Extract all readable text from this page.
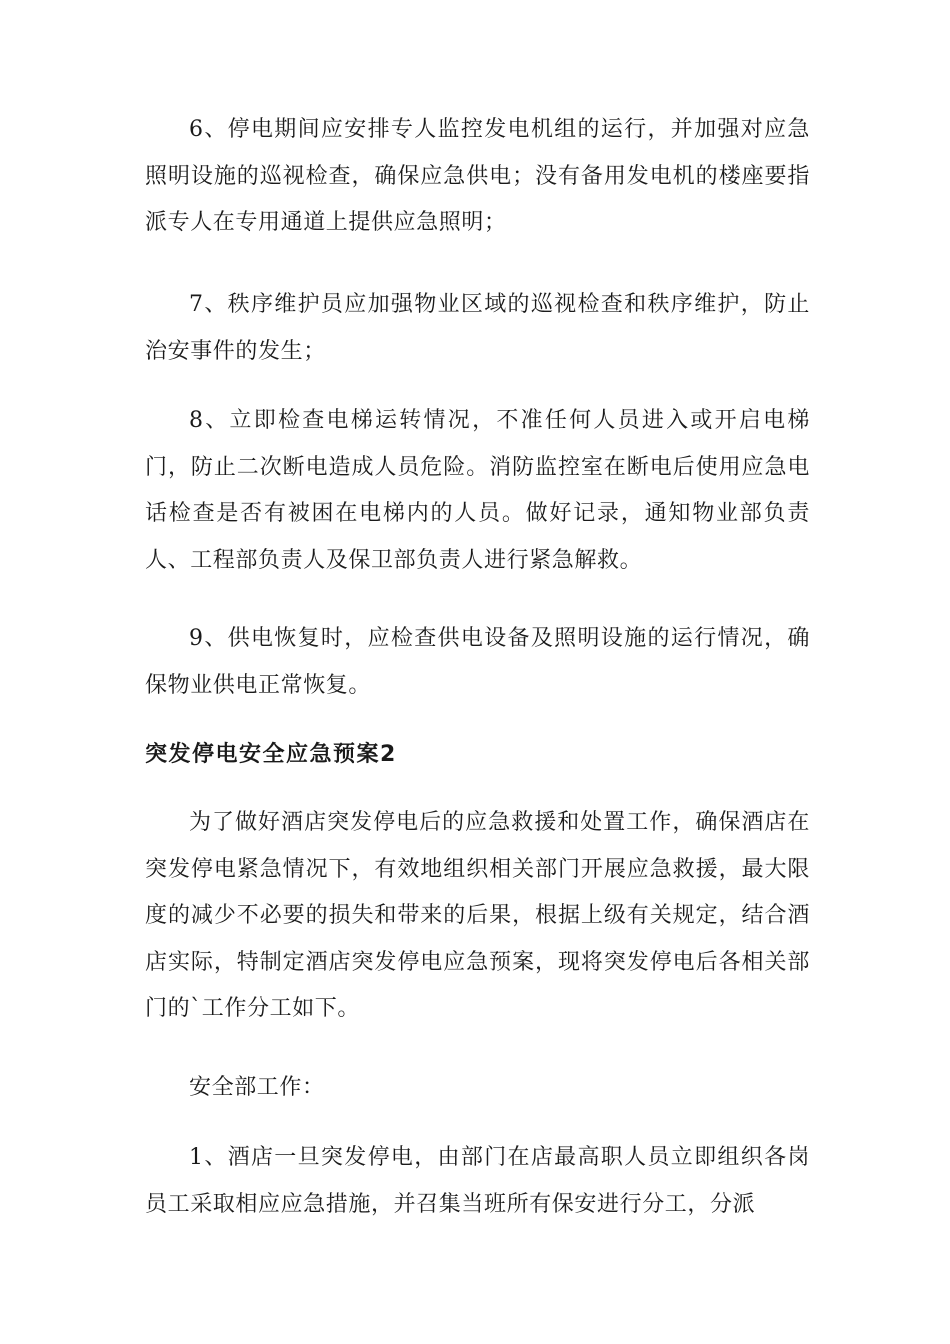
6、停电期间应安排专人监控发电机组的运行，并加强对应急照明设施的巡视检查，确保应急供电；没有备用发电机的楼座要指派专人在专用通道上提供应急照明；

7、秩序维护员应加强物业区域的巡视检查和秩序维护，防止治安事件的发生；

8、立即检查电梯运转情况，不准任何人员进入或开启电梯门，防止二次断电造成人员危险。消防监控室在断电后使用应急电话检查是否有被困在电梯内的人员。做好记录，通知物业部负责人、工程部负责人及保卫部负责人进行紧急解救。

9、供电恢复时，应检查供电设备及照明设施的运行情况，确保物业供电正常恢复。

突发停电安全应急预案2

为了做好酒店突发停电后的应急救援和处置工作，确保酒店在突发停电紧急情况下，有效地组织相关部门开展应急救援，最大限度的减少不必要的损失和带来的后果，根据上级有关规定，结合酒店实际，特制定酒店突发停电应急预案，现将突发停电后各相关部门的`工作分工如下。

安全部工作：

1、酒店一旦突发停电，由部门在店最高职人员立即组织各岗员工采取相应应急措施，并召集当班所有保安进行分工，分派
